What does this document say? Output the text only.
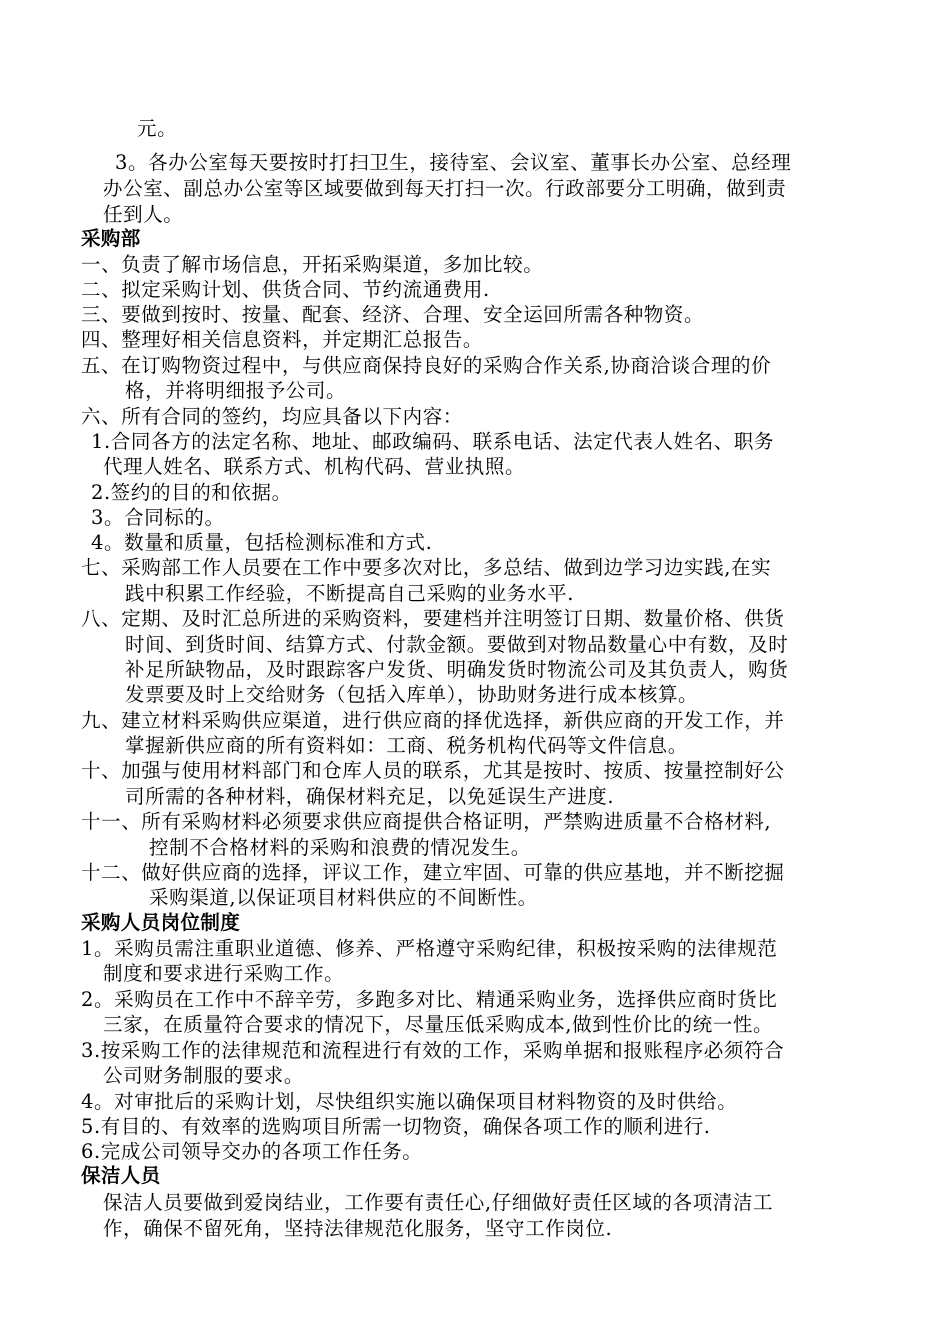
元。
3。各办公室每天要按时打扫卫生，接待室、会议室、董事长办公室、总经理
办公室、副总办公室等区域要做到每天打扫一次。行政部要分工明确，做到责
任到人。
采购部
一、负责了解市场信息，开拓采购渠道，多加比较。
二、拟定采购计划、供货合同、节约流通费用.
三、要做到按时、按量、配套、经济、合理、安全运回所需各种物资。
四、整理好相关信息资料，并定期汇总报告。
五、在订购物资过程中，与供应商保持良好的采购合作关系,协商洽谈合理的价
格，并将明细报予公司。
六、所有合同的签约，均应具备以下内容：
1.合同各方的法定名称、地址、邮政编码、联系电话、法定代表人姓名、职务
代理人姓名、联系方式、机构代码、营业执照。
2.签约的目的和依据。
3。合同标的。
4。数量和质量，包括检测标准和方式.
七、采购部工作人员要在工作中要多次对比，多总结、做到边学习边实践,在实
践中积累工作经验，不断提高自己采购的业务水平.
八、定期、及时汇总所进的采购资料，要建档并注明签订日期、数量价格、供货
时间、到货时间、结算方式、付款金额。要做到对物品数量心中有数，及时
补足所缺物品，及时跟踪客户发货、明确发货时物流公司及其负责人，购货
发票要及时上交给财务（包括入库单），协助财务进行成本核算。
九、建立材料采购供应渠道，进行供应商的择优选择，新供应商的开发工作，并
掌握新供应商的所有资料如：工商、税务机构代码等文件信息。
十、加强与使用材料部门和仓库人员的联系，尤其是按时、按质、按量控制好公
司所需的各种材料，确保材料充足，以免延误生产进度.
十一、所有采购材料必须要求供应商提供合格证明，严禁购进质量不合格材料,
控制不合格材料的采购和浪费的情况发生。
十二、做好供应商的选择，评议工作，建立牢固、可靠的供应基地，并不断挖掘
采购渠道,以保证项目材料供应的不间断性。
采购人员岗位制度
1。采购员需注重职业道德、修养、严格遵守采购纪律，积极按采购的法律规范
制度和要求进行采购工作。
2。采购员在工作中不辞辛劳，多跑多对比、精通采购业务，选择供应商时货比
三家，在质量符合要求的情况下，尽量压低采购成本,做到性价比的统一性。
3.按采购工作的法律规范和流程进行有效的工作，采购单据和报账程序必须符合
公司财务制服的要求。
4。对审批后的采购计划，尽快组织实施以确保项目材料物资的及时供给。
5.有目的、有效率的选购项目所需一切物资，确保各项工作的顺利进行.
6.完成公司领导交办的各项工作任务。
保洁人员
保洁人员要做到爱岗结业，工作要有责任心,仔细做好责任区域的各项清洁工
作，确保不留死角，坚持法律规范化服务，坚守工作岗位.
